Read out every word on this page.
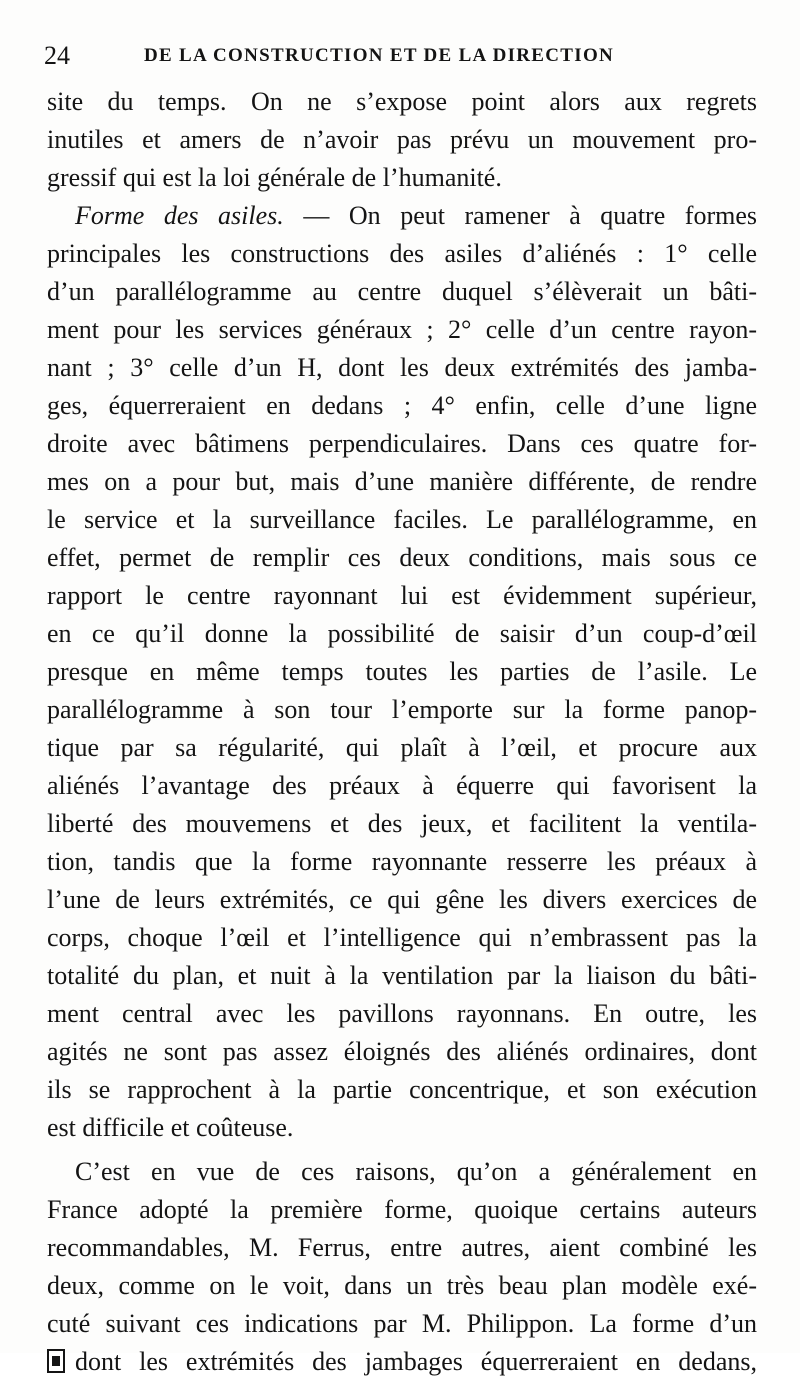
24	DE LA CONSTRUCTION ET DE LA DIRECTION
site du temps. On ne s’expose point alors aux regrets
inutiles et amers de n’avoir pas prévu un mouvement pro-
gressif qui est la loi générale de l’humanité.
Forme des asiles. — On peut ramener à quatre formes
principales les constructions des asiles d’aliénés : 1° celle
d’un parallélogramme au centre duquel s’élèverait un bâti-
ment pour les services généraux ; 2° celle d’un centre rayon-
nant ; 3° celle d’un H, dont les deux extrémités des jamba-
ges, équerreraient en dedans ; 4° enfin, celle d’une ligne
droite avec bâtimens perpendiculaires. Dans ces quatre for-
mes on a pour but, mais d’une manière différente, de rendre
le service et la surveillance faciles. Le parallélogramme, en
effet, permet de remplir ces deux conditions, mais sous ce
rapport le centre rayonnant lui est évidemment supérieur,
en ce qu’il donne la possibilité de saisir d’un coup-d’œil
presque en même temps toutes les parties de l’asile. Le
parallélogramme à son tour l’emporte sur la forme panop-
tique par sa régularité, qui plaît à l’œil, et procure aux
aliénés l’avantage des préaux à équerre qui favorisent la
liberté des mouvemens et des jeux, et facilitent la ventila-
tion, tandis que la forme rayonnante resserre les préaux à
l’une de leurs extrémités, ce qui gêne les divers exercices de
corps, choque l’œil et l’intelligence qui n’embrassent pas la
totalité du plan, et nuit à la ventilation par la liaison du bâti-
ment central avec les pavillons rayonnans. En outre, les
agités ne sont pas assez éloignés des aliénés ordinaires, dont
ils se rapprochent à la partie concentrique, et son exécution
est difficile et coûteuse.
C’est en vue de ces raisons, qu’on a généralement en
France adopté la première forme, quoique certains auteurs
recommandables, M. Ferrus, entre autres, aient combiné les
deux, comme on le voit, dans un très beau plan modèle exé-
cuté suivant ces indications par M. Philippon. La forme d’un
dont les extrémités des jambages équerreraient en dedans,
